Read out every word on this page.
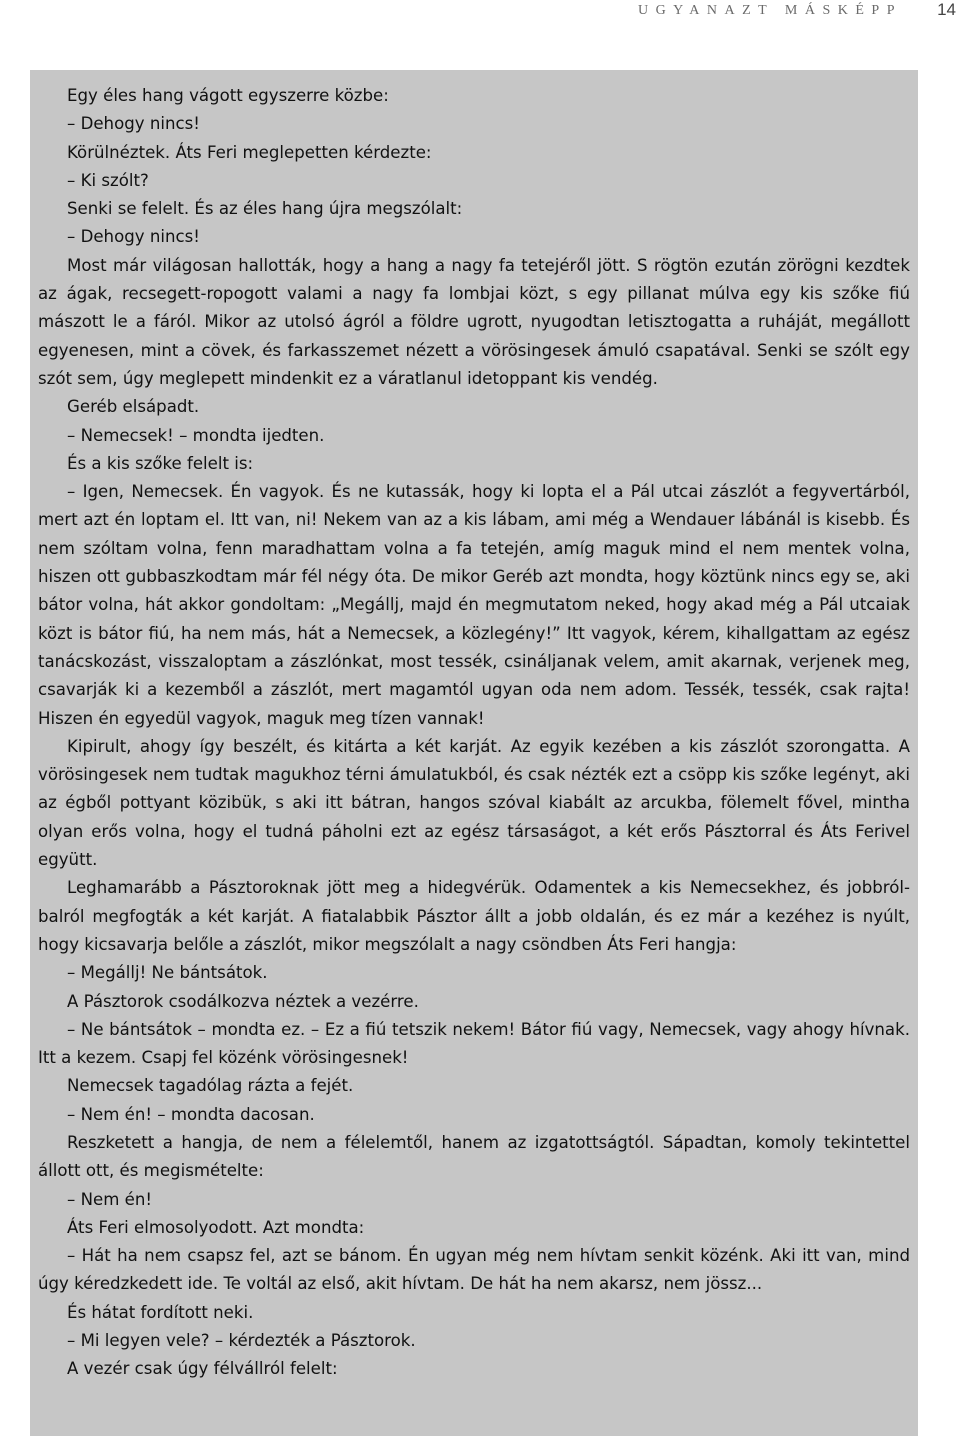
UGYANAZT MÁSKÉPP 14

Egy éles hang vágott egyszerre közbe:

– Dehogy nincs!

Körülnéztek. Áts Feri meglepetten kérdezte:

– Ki szólt?

Senki se felelt. És az éles hang újra megszólalt:

– Dehogy nincs!

Most már világosan hallották, hogy a hang a nagy fa tetejéről jött. S rögtön ezután zörögni kezdtek az ágak, recsegett-ropogott valami a nagy fa lombjai közt, s egy pillanat múlva egy kis szőke fiú mászott le a fáról. Mikor az utolsó ágról a földre ugrott, nyugodtan letisztogatta a ruháját, megállott egyenesen, mint a cövek, és farkasszemet nézett a vörösingesek ámuló csapatával. Senki se szólt egy szót sem, úgy meglepett mindenkit ez a váratlanul idetoppant kis vendég.

Geréb elsápadt.

– Nemecsek! – mondta ijedten.

És a kis szőke felelt is:

– Igen, Nemecsek. Én vagyok. És ne kutassák, hogy ki lopta el a Pál utcai zászlót a fegyvertárból, mert azt én loptam el. Itt van, ni! Nekem van az a kis lábam, ami még a Wendauer lábánál is kisebb. És nem szóltam volna, fenn maradhattam volna a fa tetején, amíg maguk mind el nem mentek volna, hiszen ott gubbaszkodtam már fél négy óta. De mikor Geréb azt mondta, hogy köztünk nincs egy se, aki bátor volna, hát akkor gondoltam: „Megállj, majd én megmutatom neked, hogy akad még a Pál utcaiak közt is bátor fiú, ha nem más, hát a Nemecsek, a közlegény!” Itt vagyok, kérem, kihallgattam az egész tanácskozást, visszaloptam a zászlónkat, most tessék, csináljanak velem, amit akarnak, verjenek meg, csavarják ki a kezemből a zászlót, mert magamtól ugyan oda nem adom. Tessék, tessék, csak rajta! Hiszen én egyedül vagyok, maguk meg tízen vannak!

Kipirult, ahogy így beszélt, és kitárta a két karját. Az egyik kezében a kis zászlót szorongatta. A vörösingesek nem tudtak magukhoz térni ámulatukból, és csak nézték ezt a csöpp kis szőke legényt, aki az égből pottyant közibük, s aki itt bátran, hangos szóval kiabált az arcukba, fölemelt fővel, mintha olyan erős volna, hogy el tudná páholni ezt az egész társaságot, a két erős Pásztorral és Áts Ferivel együtt.

Leghamarább a Pásztoroknak jött meg a hidegvérük. Odamentek a kis Nemecsekhez, és jobbról-balról megfogták a két karját. A fiatalabbik Pásztor állt a jobb oldalán, és ez már a kezéhez is nyúlt, hogy kicsavarja belőle a zászlót, mikor megszólalt a nagy csöndben Áts Feri hangja:

– Megállj! Ne bántsátok.

A Pásztorok csodálkozva néztek a vezérre.

– Ne bántsátok – mondta ez. – Ez a fiú tetszik nekem! Bátor fiú vagy, Nemecsek, vagy ahogy hívnak. Itt a kezem. Csapj fel közénk vörösingesnek!

Nemecsek tagadólag rázta a fejét.

– Nem én! – mondta dacosan.

Reszketett a hangja, de nem a félelemtől, hanem az izgatottságtól. Sápadtan, komoly tekintettel állott ott, és megismételte:

– Nem én!

Áts Feri elmosolyodott. Azt mondta:

– Hát ha nem csapsz fel, azt se bánom. Én ugyan még nem hívtam senkit közénk. Aki itt van, mind úgy kéredzkedett ide. Te voltál az első, akit hívtam. De hát ha nem akarsz, nem jössz...

És hátat fordított neki.

– Mi legyen vele? – kérdezték a Pásztorok.

A vezér csak úgy félvállról felelt:
